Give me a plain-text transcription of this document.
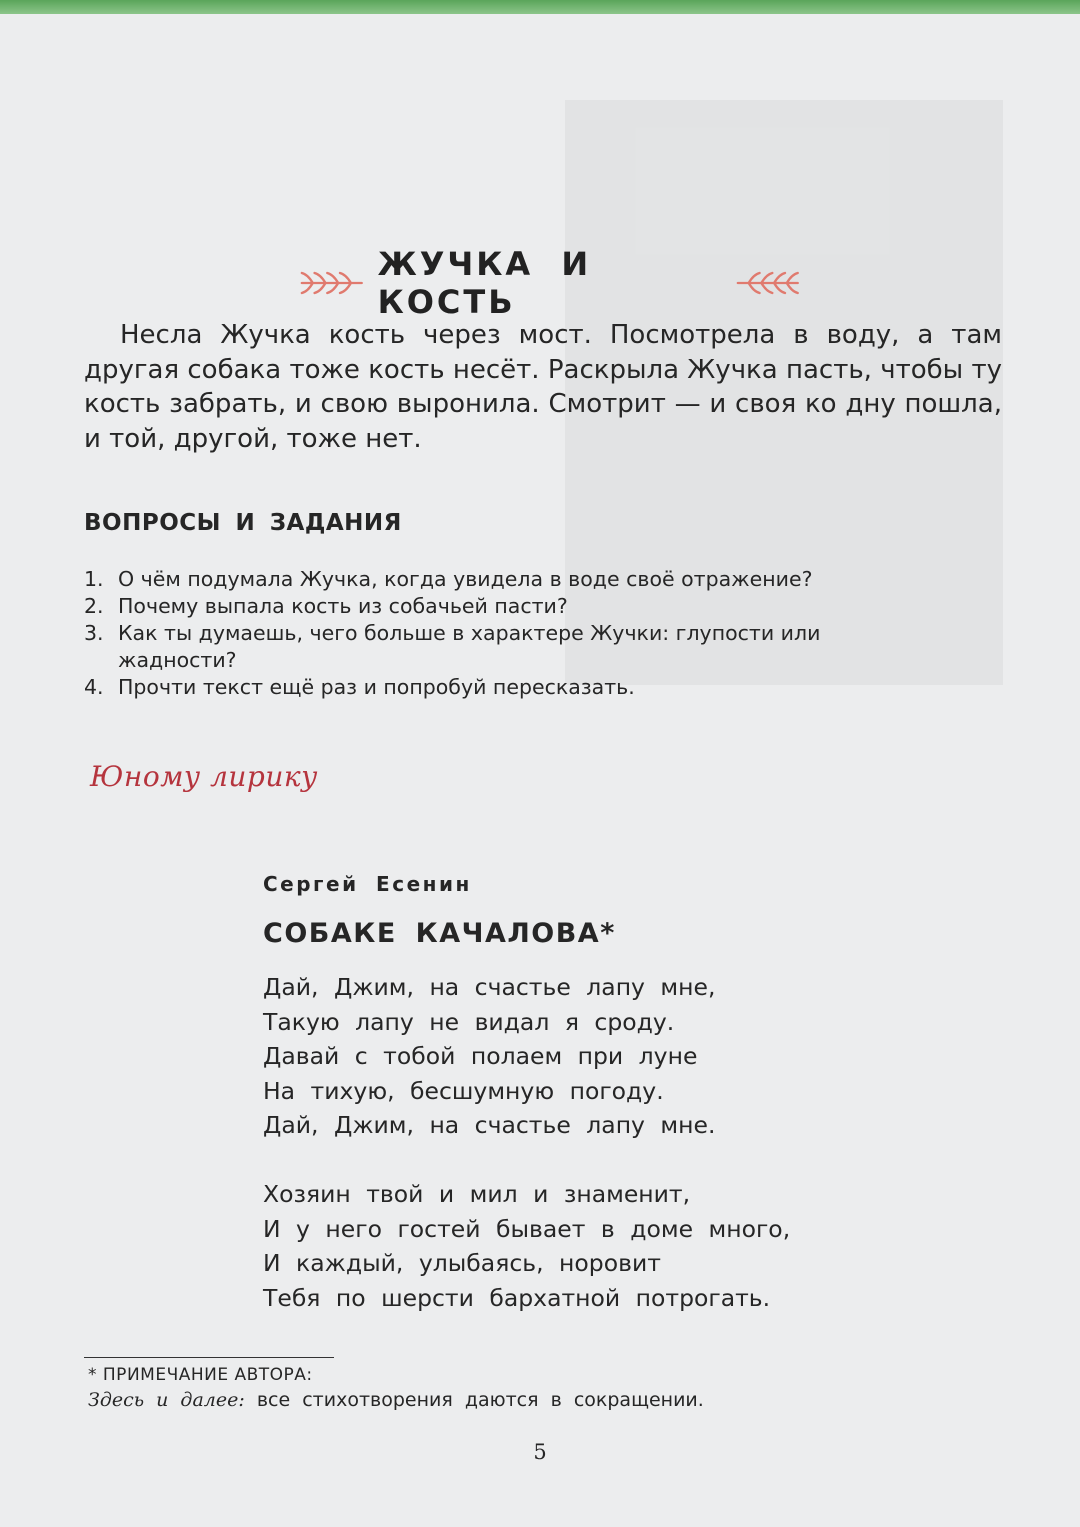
ЖУЧКА И КОСТЬ

Несла Жучка кость через мост. Посмотрела в воду, а там другая собака тоже кость несёт. Раскрыла Жучка пасть, чтобы ту кость забрать, и свою выронила. Смотрит — и своя ко дну пошла, и той, другой, тоже нет.

ВОПРОСЫ И ЗАДАНИЯ
1. О чём подумала Жучка, когда увидела в воде своё отражение?
2. Почему выпала кость из собачьей пасти?
3. Как ты думаешь, чего больше в характере Жучки: глупости или жадности?
4. Прочти текст ещё раз и попробуй пересказать.
Юному лирику
Сергей Есенин
СОБАКЕ КАЧАЛОВА*
Дай, Джим, на счастье лапу мне,
Такую лапу не видал я сроду.
Давай с тобой полаем при луне
На тихую, бесшумную погоду.
Дай, Джим, на счастье лапу мне.
Хозяин твой и мил и знаменит,
И у него гостей бывает в доме много,
И каждый, улыбаясь, норовит
Тебя по шерсти бархатной потрогать.
* ПРИМЕЧАНИЕ АВТОРА:
Здесь и далее: все стихотворения даются в сокращении.
5
